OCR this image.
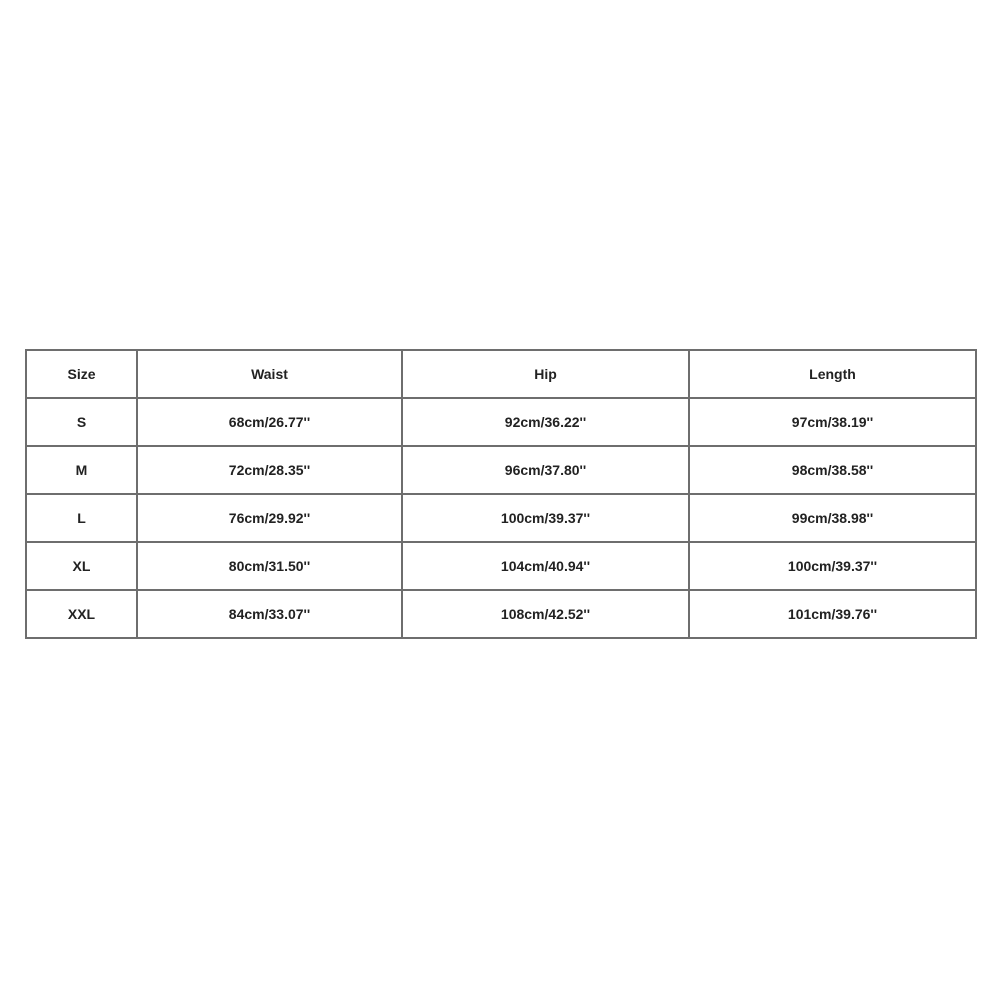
Size	Waist	Hip	Length
S	68cm/26.77''	92cm/36.22''	97cm/38.19''
M	72cm/28.35''	96cm/37.80''	98cm/38.58''
L	76cm/29.92''	100cm/39.37''	99cm/38.98''
XL	80cm/31.50''	104cm/40.94''	100cm/39.37''
XXL	84cm/33.07''	108cm/42.52''	101cm/39.76''
